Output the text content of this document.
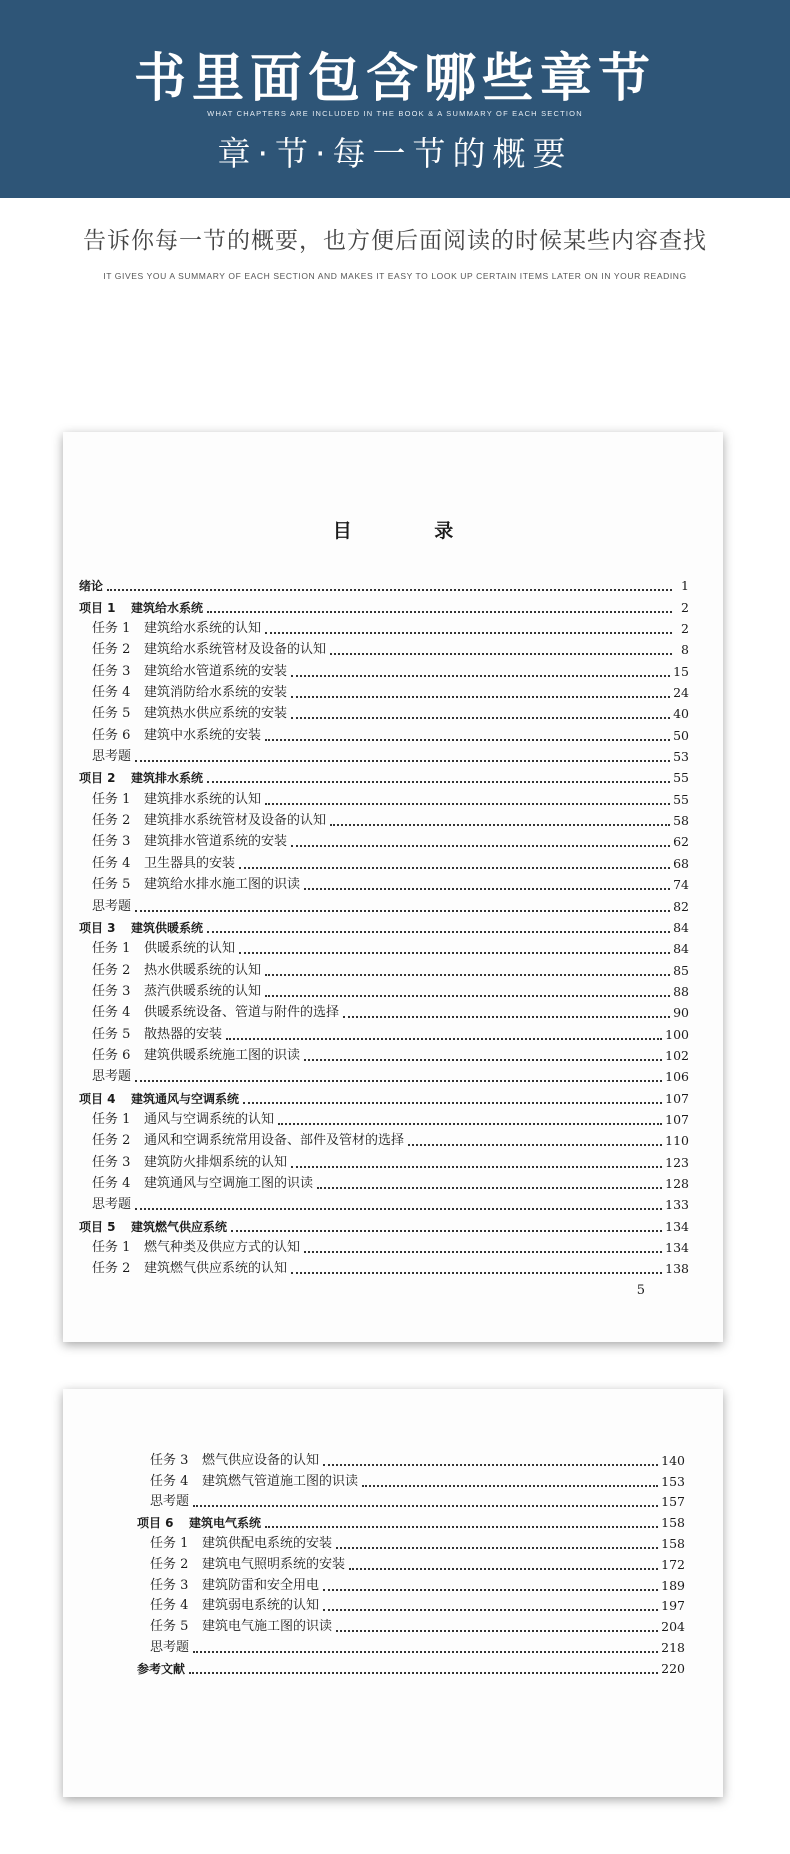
书里面包含哪些章节
WHAT CHAPTERS ARE INCLUDED IN THE BOOK & A SUMMARY OF EACH SECTION
章·节·每一节的概要
告诉你每一节的概要，也方便后面阅读的时候某些内容查找
IT GIVES YOU A SUMMARY OF EACH SECTION AND MAKES IT EASY TO LOOK UP CERTAIN ITEMS LATER ON IN YOUR READING
目 录
绪论	1
项目 1 建筑给水系统	2
任务 1 建筑给水系统的认知	2
任务 2 建筑给水系统管材及设备的认知	8
任务 3 建筑给水管道系统的安装	15
任务 4 建筑消防给水系统的安装	24
任务 5 建筑热水供应系统的安装	40
任务 6 建筑中水系统的安装	50
思考题	53
项目 2 建筑排水系统	55
任务 1 建筑排水系统的认知	55
任务 2 建筑排水系统管材及设备的认知	58
任务 3 建筑排水管道系统的安装	62
任务 4 卫生器具的安装	68
任务 5 建筑给水排水施工图的识读	74
思考题	82
项目 3 建筑供暖系统	84
任务 1 供暖系统的认知	84
任务 2 热水供暖系统的认知	85
任务 3 蒸汽供暖系统的认知	88
任务 4 供暖系统设备、管道与附件的选择	90
任务 5 散热器的安装	100
任务 6 建筑供暖系统施工图的识读	102
思考题	106
项目 4 建筑通风与空调系统	107
任务 1 通风与空调系统的认知	107
任务 2 通风和空调系统常用设备、部件及管材的选择	110
任务 3 建筑防火排烟系统的认知	123
任务 4 建筑通风与空调施工图的识读	128
思考题	133
项目 5 建筑燃气供应系统	134
任务 1 燃气种类及供应方式的认知	134
任务 2 建筑燃气供应系统的认知	138
5
任务 3 燃气供应设备的认知	140
任务 4 建筑燃气管道施工图的识读	153
思考题	157
项目 6 建筑电气系统	158
任务 1 建筑供配电系统的安装	158
任务 2 建筑电气照明系统的安装	172
任务 3 建筑防雷和安全用电	189
任务 4 建筑弱电系统的认知	197
任务 5 建筑电气施工图的识读	204
思考题	218
参考文献	220
